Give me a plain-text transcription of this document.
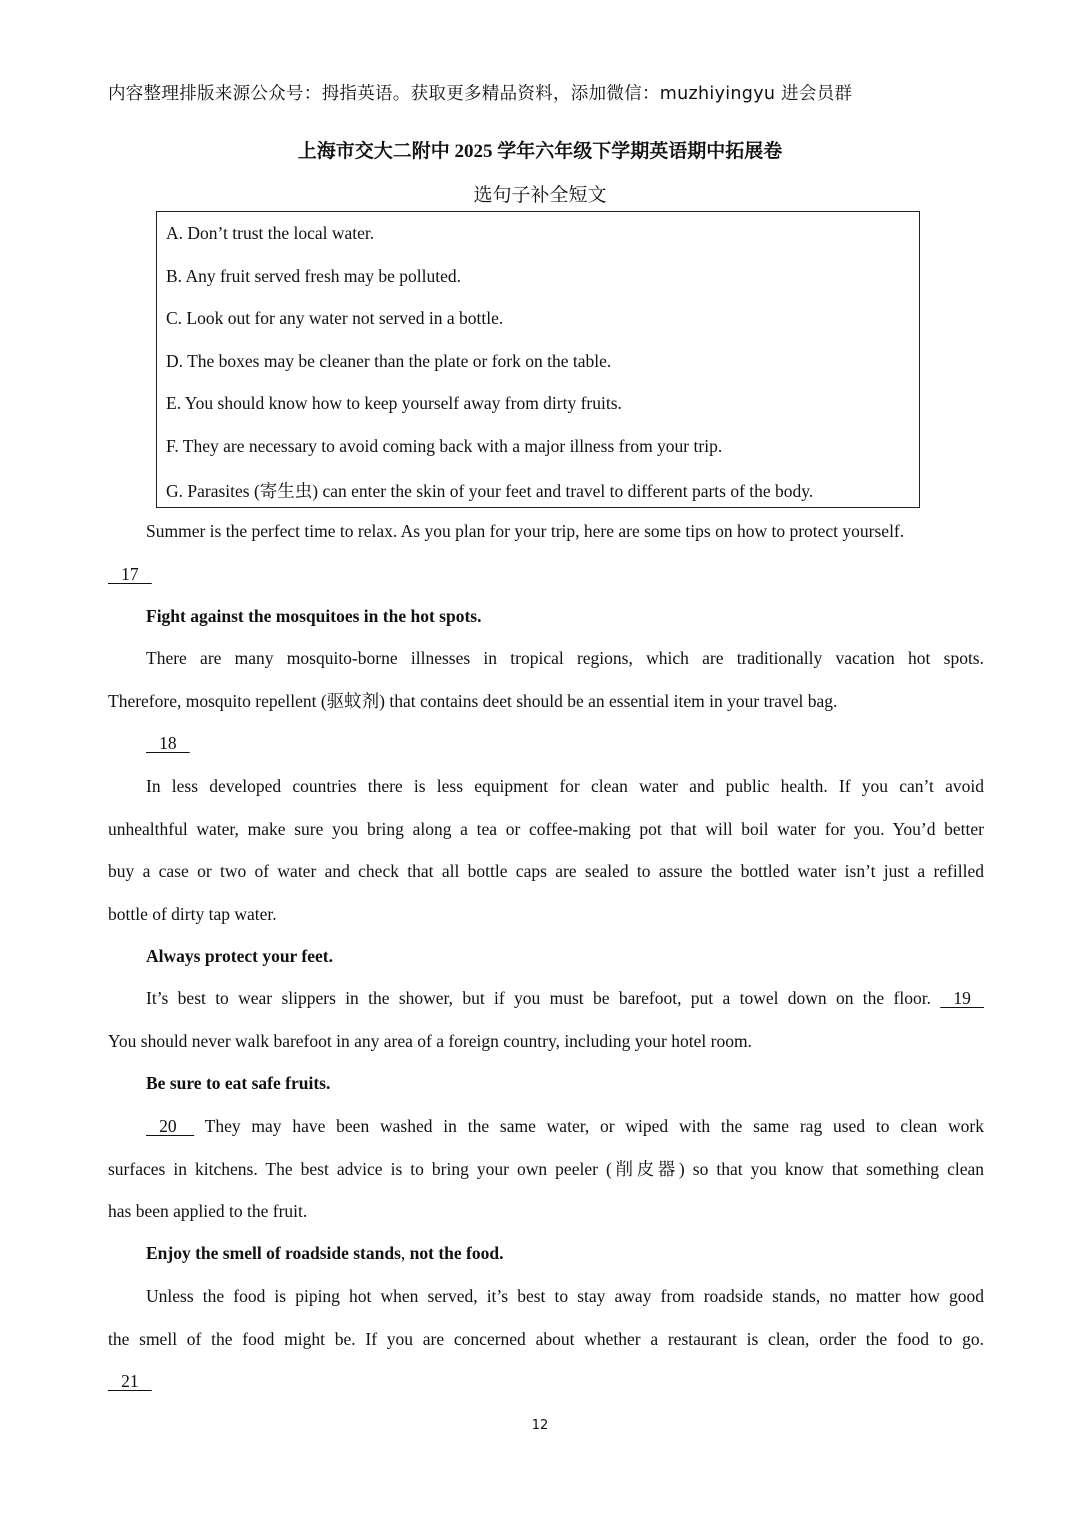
内容整理排版来源公众号：拇指英语。获取更多精品资料，添加微信：muzhiyingyu 进会员群
上海市交大二附中 2025 学年六年级下学期英语期中拓展卷
选句子补全短文
A. Don’t trust the local water.
B. Any fruit served fresh may be polluted.
C. Look out for any water not served in a bottle.
D. The boxes may be cleaner than the plate or fork on the table.
E. You should know how to keep yourself away from dirty fruits.
F. They are necessary to avoid coming back with a major illness from your trip.
G. Parasites (寄生虫) can enter the skin of your feet and travel to different parts of the body.
Summer is the perfect time to relax. As you plan for your trip, here are some tips on how to protect yourself.
17
Fight against the mosquitoes in the hot spots.
There are many mosquito-borne illnesses in tropical regions, which are traditionally vacation hot spots.
Therefore, mosquito repellent (驱蚊剂) that contains deet should be an essential item in your travel bag.
18
In less developed countries there is less equipment for clean water and public health. If you can’t avoid
unhealthful water, make sure you bring along a tea or coffee-making pot that will boil water for you. You’d better
buy a case or two of water and check that all bottle caps are sealed to assure the bottled water isn’t just a refilled
bottle of dirty tap water.
Always protect your feet.
It’s best to wear slippers in the shower, but if you must be barefoot, put a towel down on the floor.    19
You should never walk barefoot in any area of a foreign country, including your hotel room.
Be sure to eat safe fruits.
20     They may have been washed in the same water, or wiped with the same rag used to clean work
surfaces in kitchens. The best advice is to bring your own peeler (削皮器) so that you know that something clean
has been applied to the fruit.
Enjoy the smell of roadside stands, not the food.
Unless the food is piping hot when served, it’s best to stay away from roadside stands, no matter how good
the smell of the food might be. If you are concerned about whether a restaurant is clean, order the food to go.
21
12
